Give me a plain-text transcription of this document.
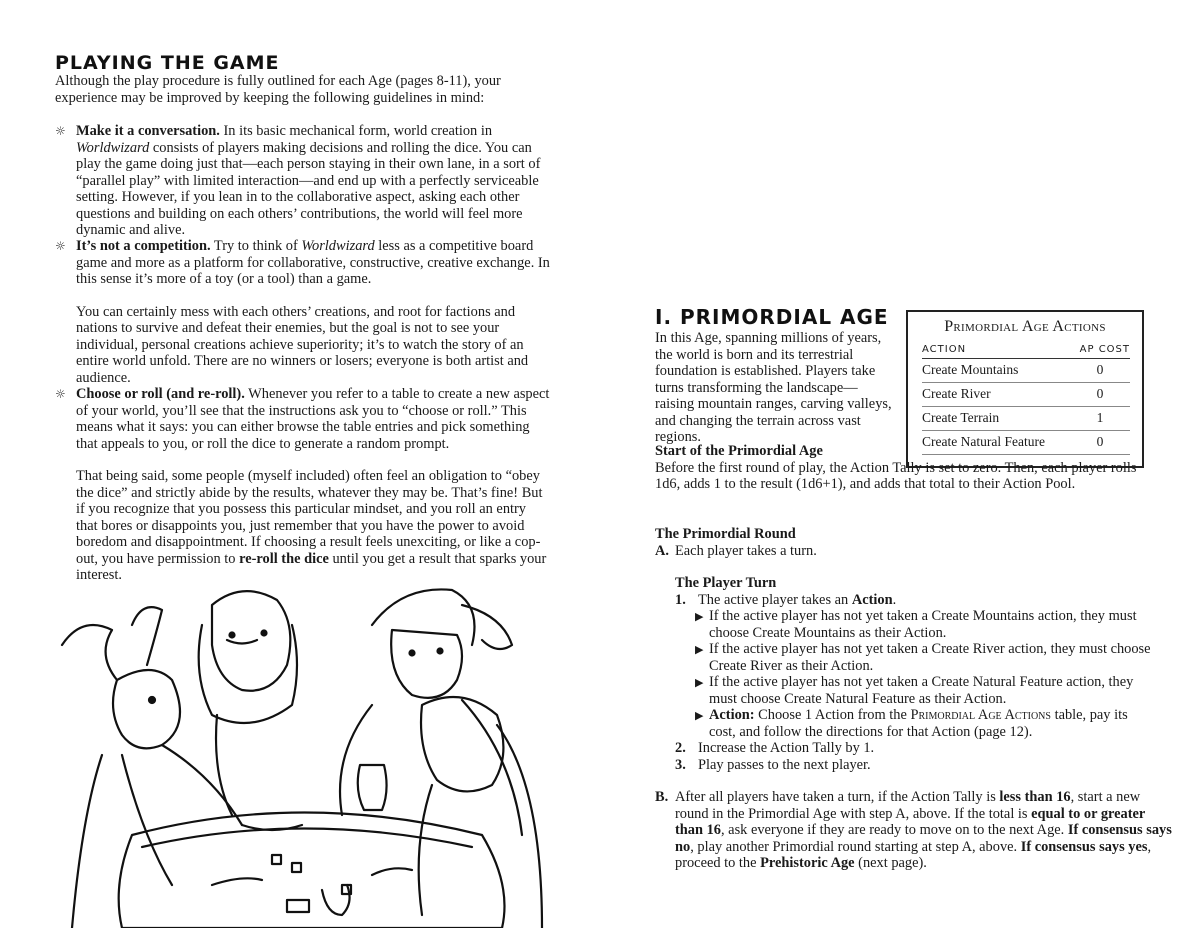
PLAYING THE GAME
Although the play procedure is fully outlined for each Age (pages 8-11), your experience may be improved by keeping the following guidelines in mind:
☼ Make it a conversation. In its basic mechanical form, world creation in Worldwizard consists of players making decisions and rolling the dice. You can play the game doing just that—each person staying in their own lane, in a sort of “parallel play” with limited interaction—and end up with a perfectly serviceable setting. However, if you lean in to the collaborative aspect, asking each other questions and building on each others’ contributions, the world will feel more dynamic and alive.

☼ It’s not a competition. Try to think of Worldwizard less as a competitive board game and more as a platform for collaborative, constructive, creative exchange. In this sense it’s more of a toy (or a tool) than a game.

You can certainly mess with each others’ creations, and root for factions and nations to survive and defeat their enemies, but the goal is not to see your individual, personal creations achieve superiority; it’s to watch the story of an entire world unfold. There are no winners or losers; everyone is both artist and audience.

☼ Choose or roll (and re-roll). Whenever you refer to a table to create a new aspect of your world, you’ll see that the instructions ask you to “choose or roll.” This means what it says: you can either browse the table entries and pick something that appeals to you, or roll the dice to generate a random prompt.

That being said, some people (myself included) often feel an obligation to “obey the dice” and strictly abide by the results, whatever they may be. That’s fine! But if you recognize that you possess this particular mindset, and you roll an entry that bores or disappoints you, just remember that you have the power to avoid boredom and disappointment. If choosing a result feels unexciting, or like a cop-out, you have permission to re-roll the dice until you get a result that sparks your interest.

I. PRIMORDIAL AGE
In this Age, spanning millions of years, the world is born and its terrestrial foundation is established. Players take turns transforming the landscape— raising mountain ranges, carving valleys, and changing the terrain across vast regions.
Primordial Age Actions
ACTION	AP COST
Create Mountains	0
Create River	0
Create Terrain	1
Create Natural Feature	0
Start of the Primordial Age
Before the first round of play, the Action Tally is set to zero. Then, each player rolls 1d6, adds 1 to the result (1d6+1), and adds that total to their Action Pool.
The Primordial Round
A. Each player takes a turn.
The Player Turn
1. The active player takes an Action.
▶ If the active player has not yet taken a Create Mountains action, they must choose Create Mountains as their Action.
▶ If the active player has not yet taken a Create River action, they must choose Create River as their Action.
▶ If the active player has not yet taken a Create Natural Feature action, they must choose Create Natural Feature as their Action.
▶ Action: Choose 1 Action from the Primordial Age Actions table, pay its cost, and follow the directions for that Action (page 12).
2. Increase the Action Tally by 1.
3. Play passes to the next player.
B. After all players have taken a turn, if the Action Tally is less than 16, start a new round in the Primordial Age with step A, above. If the total is equal to or greater than 16, ask everyone if they are ready to move on to the next Age. If consensus says no, play another Primordial round starting at step A, above. If consensus says yes, proceed to the Prehistoric Age (next page).
